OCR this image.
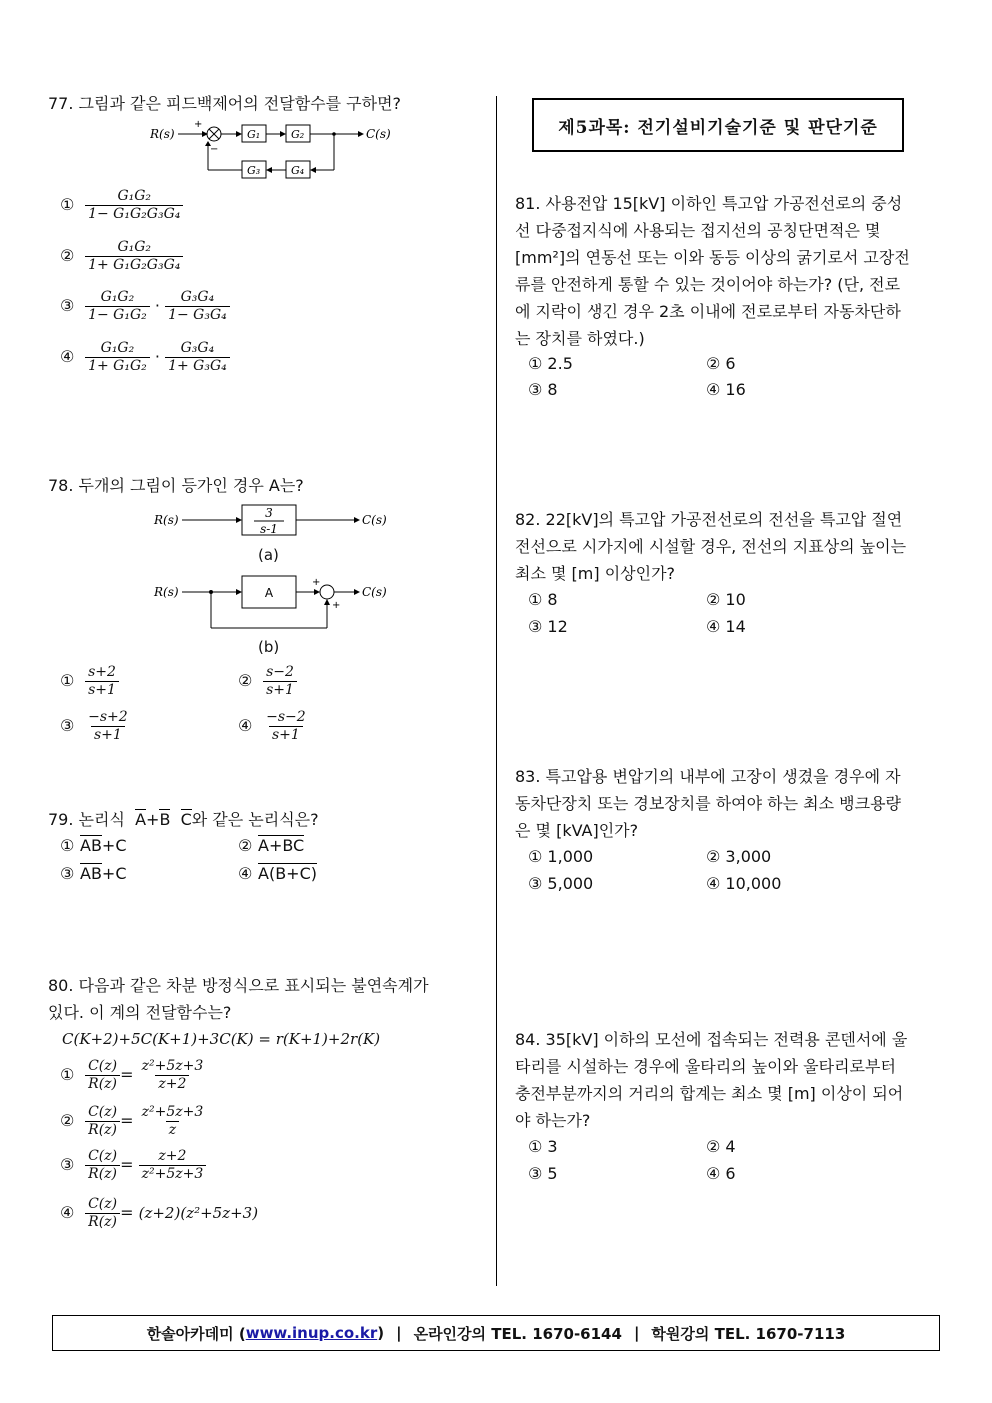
77. 그림과 같은 피드백제어의 전달함수를 구하면?
R(s)
+
−
G₁	G₂	C(s)
G₄
G₃
① $\frac{\text{G₁G₂}}{\text{1− G₁G₂G₃G₄}}$
② $\frac{\text{G₁G₂}}{\text{1+ G₁G₂G₃G₄}}$
③ $\frac{\text{G₁G₂}}{\text{1− G₁G₂}} \cdot \frac{\text{G₃G₄}}{\text{1− G₃G₄}}$
④ $\frac{\text{G₁G₂}}{\text{1+ G₁G₂}} \cdot \frac{\text{G₃G₄}}{\text{1+ G₃G₄}}$
78. 두개의 그림이 등가인 경우 A는?
R(s)	3
s-1
C(s)
(a)
R(s)	A
+
+
C(s)
(b)
① $\frac{s+2}{s+1}$	② $\frac{s-2}{s+1}$
③ $\frac{-s+2}{s+1}$	④ $\frac{-s-2}{s+1}$
79. 논리식 A+B C와 같은 논리식은?
① AB+C	② A+BC
③ AB+C	④ A(B+C)
80. 다음과 같은 차분 방정식으로 표시되는 불연속계가
있다. 이 계의 전달함수는?
C(K+2)+5C(K+1)+3C(K) = r(K+1)+2r(K)
① $\frac{C(z)}{R(z)} = \frac{\text{z²+5z+3}}{z+2}$
② $\frac{C(z)}{R(z)} = \frac{\text{z²+5z+3}}{z}$
③ $\frac{C(z)}{R(z)} = \frac{z+2}{\text{z²+5z+3}}$
④ $\frac{C(z)}{R(z)} = (z+2)(z^2+5z+3)$
제5과목: 전기설비기술기준 및 판단기준
81. 사용전압 15[kV] 이하인 특고압 가공전선로의 중성
선 다중접지식에 사용되는 접지선의 공칭단면적은 몇
[mm²]의 연동선 또는 이와 동등 이상의 굵기로서 고장전
류를 안전하게 통할 수 있는 것이어야 하는가? (단, 전로
에 지락이 생긴 경우 2초 이내에 전로로부터 자동차단하
는 장치를 하였다.)
① 2.5	② 6
③ 8	④ 16
82. 22[kV]의 특고압 가공전선로의 전선을 특고압 절연
전선으로 시가지에 시설할 경우, 전선의 지표상의 높이는
최소 몇 [m] 이상인가?
① 8	② 10
③ 12	④ 14
83. 특고압용 변압기의 내부에 고장이 생겼을 경우에 자
동차단장치 또는 경보장치를 하여야 하는 최소 뱅크용량
은 몇 [kVA]인가?
① 1,000	② 3,000
③ 5,000	④ 10,000
84. 35[kV] 이하의 모선에 접속되는 전력용 콘덴서에 울
타리를 시설하는 경우에 울타리의 높이와 울타리로부터
충전부분까지의 거리의 합계는 최소 몇 [m] 이상이 되어
야 하는가?
① 3	② 4
③ 5	④ 6
한솔아카데미 ( www.inup.co.kr ) | 온라인강의 TEL. 1670-6144 | 학원강의 TEL. 1670-7113
